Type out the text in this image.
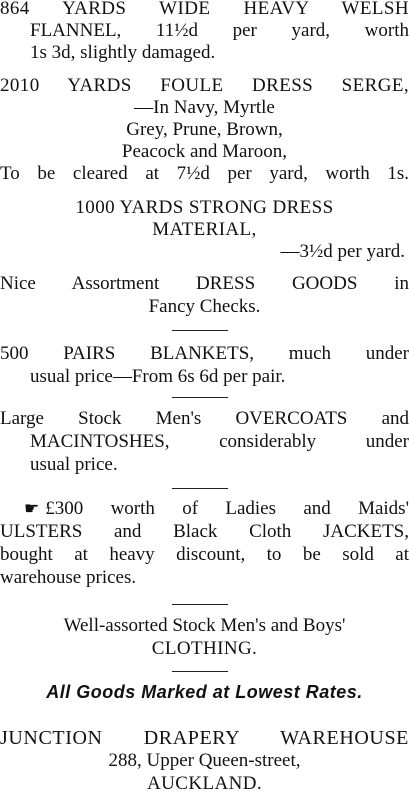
864 YARDS WIDE HEAVY WELSH
FLANNEL, 11½d per yard, worth
1s 3d, slightly damaged.
2010 YARDS FOULE DRESS SERGE,
—In Navy, Myrtle
Grey, Prune, Brown,
Peacock and Maroon,
To be cleared at 7½d per yard, worth 1s.
1000 YARDS STRONG DRESS
MATERIAL,
—3½d per yard.
Nice Assortment DRESS GOODS in
Fancy Checks.
500 PAIRS BLANKETS, much under
usual price—From 6s 6d per pair.
Large Stock Men's OVERCOATS and
MACINTOSHES, considerably under
usual price.
☛ £300 worth of Ladies and Maids'
ULSTERS and Black Cloth JACKETS,
bought at heavy discount, to be sold at
warehouse prices.
Well-assorted Stock Men's and Boys'
CLOTHING.
All Goods Marked at Lowest Rates.
JUNCTION DRAPERY WAREHOUSE
288, Upper Queen-street,
AUCKLAND.
